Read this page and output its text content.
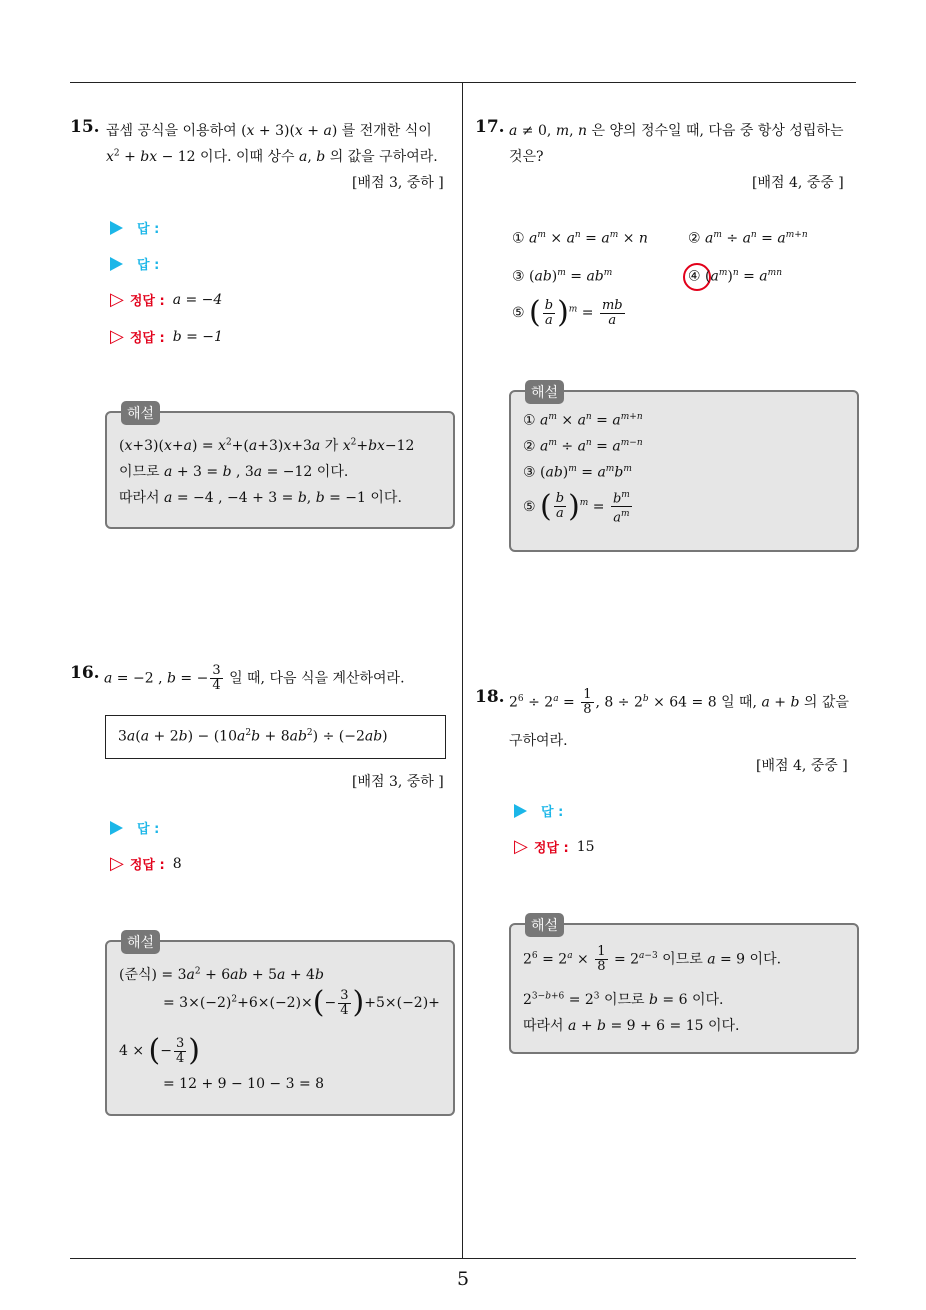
15. 곱셈 공식을 이용하여 (x + 3)(x + a) 를 전개한 식이
$x^2$ + bx − 12 이다. 이때 상수 a, b 의 값을 구하여라.
[배점 3, 중하 ]
답 :
답 :
▷ 정답 : a = −4
▷ 정답 : b = −1
해설
$(x+3)(x+a) = x^2+(a+3)x+3a$ 가 $x^2+bx-12$
이므로 a + 3 = b , 3a = −12 이다.
따라서 a = −4 , −4 + 3 = b, b = −1 이다.
16. a = −2 , b = − $\frac{3}{4}$ 일 때, 다음 식을 계산하여라.
$3a(a + 2b) - (10a^2b + 8ab^2) \div (-2ab)$
[배점 3, 중하 ]
답 :
▷ 정답 : 8
해설
(준식) = $3a^2 + 6ab + 5a + 4b$
= $3\times(-2)^2+6\times(-2)\times(- \frac{3}{4} )+5\times(-2)+$
4 × (− $\frac{3}{4}$ )
= 12 + 9 − 10 − 3 = 8
17. a ≠ 0, m, n 은 양의 정수일 때, 다음 중 항상 성립하는
것은?
[배점 4, 중중 ]
① $a^m \times a^n = a^m \times n$	② $a^m \div a^n = a^{m+n}$
③ $(ab)^m = ab^m$	④ $(a^m)^n = a^{mn}$
⑤ ( $\frac{b}{a} )^m = \frac{mb}{a}$
해설
① $a^m \times a^n = a^{m+n}$
② $a^m \div a^n = a^{m-n}$
③ $(ab)^m = a^mb^m$
⑤ ( $\frac{b}{a} )^m = \frac{b^m}{a^m}$
18. $2^6 \div 2^a = \frac{1}{8}$ , $8 \div 2^b \times 64 = 8$ 일 때, a + b 의 값을
구하여라.
[배점 4, 중중 ]
답 :
▷ 정답 : 15
해설
$2^6 = 2^a \times \frac{1}{8} = 2^{a-3}$ 이므로 a = 9 이다.
$2^{3-b+6} = 2^3$ 이므로 b = 6 이다.
따라서 a + b = 9 + 6 = 15 이다.
5
